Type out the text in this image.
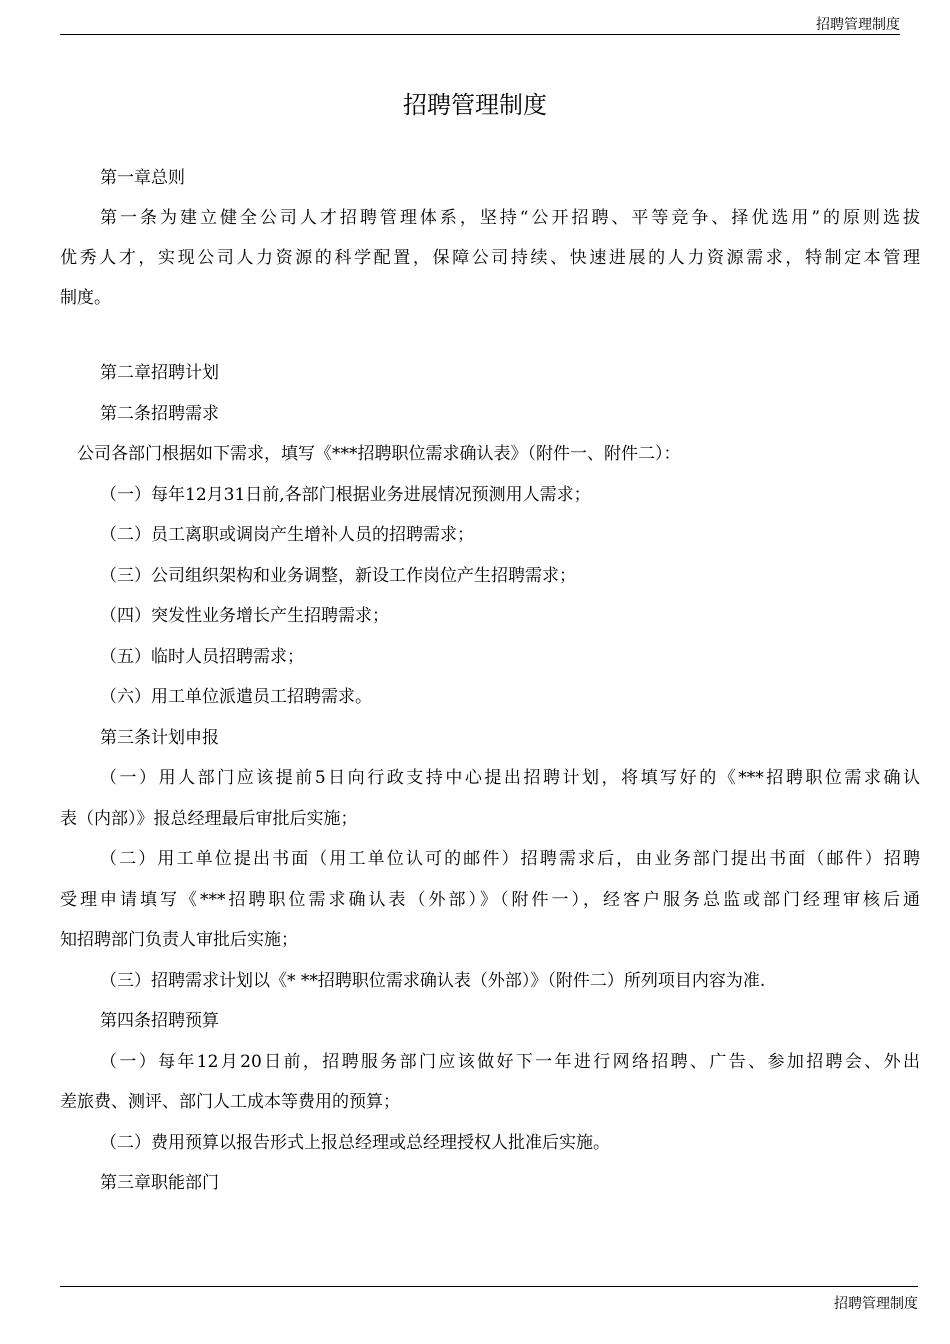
招聘管理制度
招聘管理制度
第一章总则
第一条为建立健全公司人才招聘管理体系，坚持“公开招聘、平等竞争、择优选用”的原则选拔
优秀人才，实现公司人力资源的科学配置，保障公司持续、快速进展的人力资源需求，特制定本管理
制度。
第二章招聘计划
第二条招聘需求
公司各部门根据如下需求，填写《***招聘职位需求确认表》（附件一、附件二）：
（一）每年12月31日前,各部门根据业务进展情况预测用人需求；
（二）员工离职或调岗产生增补人员的招聘需求；
（三）公司组织架构和业务调整，新设工作岗位产生招聘需求；
（四）突发性业务增长产生招聘需求；
（五）临时人员招聘需求；
（六）用工单位派遣员工招聘需求。
第三条计划申报
（一）用人部门应该提前5日向行政支持中心提出招聘计划，将填写好的《***招聘职位需求确认
表（内部）》报总经理最后审批后实施；
（二）用工单位提出书面（用工单位认可的邮件）招聘需求后，由业务部门提出书面（邮件）招聘
受理申请填写《***招聘职位需求确认表（外部）》（附件一），经客户服务总监或部门经理审核后通
知招聘部门负责人审批后实施；
（三）招聘需求计划以《* **招聘职位需求确认表（外部）》（附件二）所列项目内容为准.
第四条招聘预算
（一）每年12月20日前，招聘服务部门应该做好下一年进行网络招聘、广告、参加招聘会、外出
差旅费、测评、部门人工成本等费用的预算；
（二）费用预算以报告形式上报总经理或总经理授权人批准后实施。
第三章职能部门
招聘管理制度
